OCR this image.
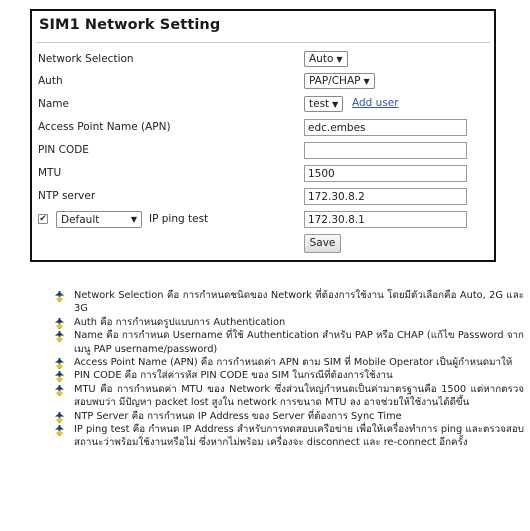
SIM1 Network Setting
Network Selection	Auto ▼
Auth	PAP/CHAP ▼
Name	test ▼	Add user
Access Point Name (APN)	edc.embes
PIN CODE
MTU	1500
NTP server	172.30.8.2
✔	Default	▼ IP ping test	172.30.8.1
Save
Network Selection คือ การกำหนดชนิดของ Network ที่ต้องการใช้งาน โดยมีตัวเลือกคือ Auto, 2G และ 3G
Auth คือ การกำหนดรูปแบบการ Authentication
Name คือ การกำหนด Username ที่ใช้ Authentication สำหรับ PAP หรือ CHAP (แก้ไข Password จากเมนู PAP username/password)
Access Point Name (APN) คือ การกำหนดค่า APN ตาม SIM ที่ Mobile Operator เป็นผู้กำหนดมาให้
PIN CODE คือ การใส่ค่ารหัส PIN CODE ของ SIM ในกรณีที่ต้องการใช้งาน
MTU คือ การกำหนดค่า MTU ของ Network ซึ่งส่วนใหญ่กำหนดเป็นค่ามาตรฐานคือ 1500 แต่หากตรวจสอบพบว่า มีปัญหา packet lost สูงใน network การขนาด MTU ลง อาจช่วยให้ใช้งานได้ดีขึ้น
NTP Server คือ การกำหนด IP Address ของ Server ที่ต้องการ Sync Time
IP ping test คือ กำหนด IP Address สำหรับการทดสอบเครือข่าย เพื่อให้เครื่องทำการ ping และตรวจสอบสถานะว่าพร้อมใช้งานหรือไม่ ซึ่งหากไม่พร้อม เครื่องจะ disconnect และ re-connect อีกครั้ง
